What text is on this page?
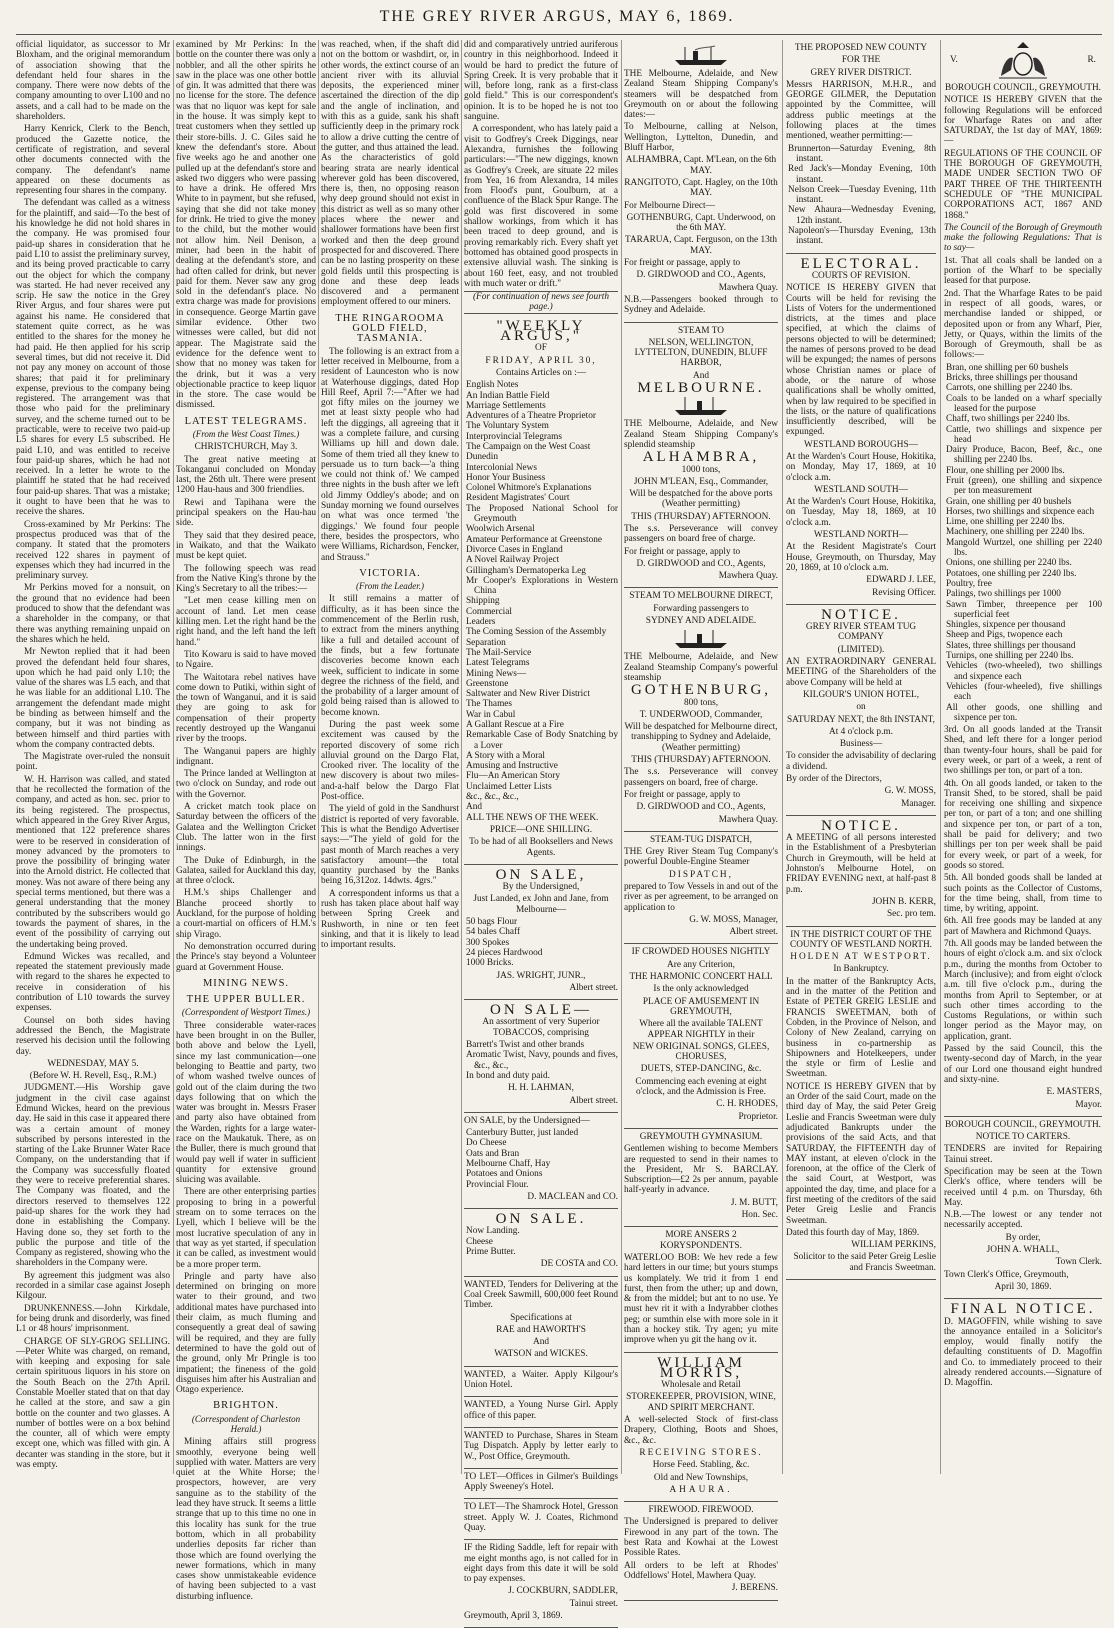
THE GREY RIVER ARGUS, MAY 6, 1869.

official liquidator, as successor to Mr Bloxham, and the original memorandum of association showing that the defendant held four shares in the company. There were now debts of the company amounting to over L100 and no assets, and a call had to be made on the shareholders.

Harry Kenrick, Clerk to the Bench, produced the Gazette notice, the certificate of registration, and several other documents connected with the company. The defendant's name appeared on these documents as representing four shares in the company.

The defendant was called as a witness for the plaintiff, and said—To the best of his knowledge he did not hold shares in the company. He was promised four paid-up shares in consideration that he paid L10 to assist the preliminary survey, and its being proved practicable to carry out the object for which the company was started. He had never received any scrip. He saw the notice in the Grey River Argus, and four shares were put against his name. He considered that statement quite correct, as he was entitled to the shares for the money he had paid. He then applied for his scrip several times, but did not receive it. Did not pay any money on account of those shares; that paid it for preliminary expense, previous to the company being registered. The arrangement was that those who paid for the preliminary survey, and the scheme turned out to be practicable, were to receive two paid-up L5 shares for every L5 subscribed. He paid L10, and was entitled to receive four paid-up shares, which he had not received. In a letter he wrote to the plaintiff he stated that he had received four paid-up shares. That was a mistake; it ought to have been that he was to receive the shares.

Cross-examined by Mr Perkins: The prospectus produced was that of the company. It stated that the promoters received 122 shares in payment of expenses which they had incurred in the preliminary survey.

Mr Perkins moved for a nonsuit, on the ground that no evidence had been produced to show that the defendant was a shareholder in the company, or that there was anything remaining unpaid on the shares which he held.

Mr Newton replied that it had been proved the defendant held four shares, upon which he had paid only L10; the value of the shares was L5 each, and that he was liable for an additional L10. The arrangement the defendant made might be binding as between himself and the company, but it was not binding as between himself and third parties with whom the company contracted debts.

The Magistrate over-ruled the nonsuit point.

W. H. Harrison was called, and stated that he recollected the formation of the company, and acted as hon. sec. prior to its being registered. The prospectus, which appeared in the Grey River Argus, mentioned that 122 preference shares were to be reserved in consideration of money advanced by the promoters to prove the possibility of bringing water into the Arnold district. He collected that money. Was not aware of there being any special terms mentioned, but there was a general understanding that the money contributed by the subscribers would go towards the payment of shares, in the event of the possibility of carrying out the undertaking being proved.

Edmund Wickes was recalled, and repeated the statement previously made with regard to the shares he expected to receive in consideration of his contribution of L10 towards the survey expenses.

Counsel on both sides having addressed the Bench, the Magistrate reserved his decision until the following day.

WEDNESDAY, MAY 5.

(Before W. H. Revell, Esq., R.M.)

JUDGMENT.—His Worship gave judgment in the civil case against Edmund Wickes, heard on the previous day. He said in this case it appeared there was a certain amount of money subscribed by persons interested in the starting of the Lake Brunner Water Race Company, on the understanding that if the Company was successfully floated they were to receive preferential shares. The Company was floated, and the directors reserved to themselves 122 paid-up shares for the work they had done in establishing the Company. Having done so, they set forth to the public the purpose and title of the Company as registered, showing who the shareholders in the Company were.

By agreement this judgment was also recorded in a similar case against Joseph Kilgour.

DRUNKENNESS.—John Kirkdale, for being drunk and disorderly, was fined L1 or 48 hours' imprisonment.

CHARGE OF SLY-GROG SELLING.—Peter White was charged, on remand, with keeping and exposing for sale certain spirituous liquors in his store on the South Beach on the 27th April. Constable Moeller stated that on that day he called at the store, and saw a gin bottle on the counter and two glasses. A number of bottles were on a box behind the counter, all of which were empty except one, which was filled with gin. A decanter was standing in the store, but it was empty.

examined by Mr Perkins: In the bottle on the counter there was only a nobbler, and all the other spirits he saw in the place was one other bottle of gin. It was admitted that there was no license for the store. The defence was that no liquor was kept for sale in the house. It was simply kept to treat customers when they settled up their store-bills. J. C. Giles said he knew the defendant's store. About five weeks ago he and another one pulled up at the defendant's store and asked two diggers who were passing to have a drink. He offered Mrs White to in payment, but she refused, saying that she did not take money for drink. He tried to give the money to the child, but the mother would not allow him. Neil Denison, a miner, had been in the habit of dealing at the defendant's store, and had often called for drink, but never paid for them. Never saw any grog sold in the defendant's place. No extra charge was made for provisions in consequence. George Martin gave similar evidence. Other two witnesses were called, but did not appear. The Magistrate said the evidence for the defence went to show that no money was taken for the drink, but it was a very objectionable practice to keep liquor in the store. The case would be dismissed.

LATEST TELEGRAMS.
(From the West Coast Times.)

CHRISTCHURCH, May 3.

The great native meeting at Tokanganui concluded on Monday last, the 26th ult. There were present 1200 Hau-haus and 300 friendlies.

Rewi and Tapihana were the principal speakers on the Hau-hau side.

They said that they desired peace, in Waikato, and that the Waikato must be kept quiet.

The following speech was read from the Native King's throne by the King's Secretary to all the tribes:—

"Let men cease killing men on account of land. Let men cease killing men. Let the right hand be the right hand, and the left hand the left hand."

Tito Kowaru is said to have moved to Ngaire.

The Waitotara rebel natives have come down to Putiki, within sight of the town of Wanganui, and it is said they are going to ask for compensation of their property recently destroyed up the Wanganui river by the troops.

The Wanganui papers are highly indignant.

The Prince landed at Wellington at two o'clock on Sunday, and rode out with the Governor.

A cricket match took place on Saturday between the officers of the Galatea and the Wellington Cricket Club. The latter won in the first innings.

The Duke of Edinburgh, in the Galatea, sailed for Auckland this day, at three o'clock.

H.M.'s ships Challenger and Blanche proceed shortly to Auckland, for the purpose of holding a court-martial on officers of H.M.'s ship Virago.

No demonstration occurred during the Prince's stay beyond a Volunteer guard at Government House.

MINING NEWS.
THE UPPER BULLER.
(Correspondent of Westport Times.)

Three considerable water-races have been brought in on the Buller, both above and below the Lyell, since my last communication—one belonging to Beattie and party, two of whom washed twelve ounces of gold out of the claim during the two days following that on which the water was brought in. Messrs Fraser and party also have obtained from the Warden, rights for a large water-race on the Maukatuk. There, as on the Buller, there is much ground that would pay well if water in sufficient quantity for extensive ground sluicing was available.

There are other enterprising parties proposing to bring in a powerful stream on to some terraces on the Lyell, which I believe will be the most lucrative speculation of any in that way as yet started, if speculation it can be called, as investment would be a more proper term.

Pringle and party have also determined on bringing on more water to their ground, and two additional mates have purchased into their claim, as much fluming and consequently a great deal of sawing will be required, and they are fully determined to have the gold out of the ground, only Mr Pringle is too impatient; the fineness of the gold disguises him after his Australian and Otago experience.

BRIGHTON.
(Correspondent of Charleston Herald.)

Mining affairs still progress smoothly, everyone being well supplied with water. Matters are very quiet at the White Horse; the prospectors, however, are very sanguine as to the stability of the lead they have struck. It seems a little strange that up to this time no one in this locality has sunk for the true bottom, which in all probability underlies deposits far richer than those which are found overlying the newer formations, which in many cases show unmistakeable evidence of having been subjected to a vast disturbing influence.

was reached, when, if the shaft did not on the bottom or washdirt, or, in other words, the extinct course of an ancient river with its alluvial deposits, the experienced miner ascertained the direction of the dip and the angle of inclination, and with this as a guide, sank his shaft sufficiently deep in the primary rock to allow a drive cutting the centre of the gutter, and thus attained the lead. As the characteristics of gold bearing strata are nearly identical wherever gold has been discovered, there is, then, no opposing reason why deep ground should not exist in this district as well as so many other places where the newer and shallower formations have been first worked and then the deep ground prospected for and discovered. There can be no lasting prosperity on these gold fields until this prospecting is done and these deep leads discovered and a permanent employment offered to our miners.

THE RINGAROOMA GOLD FIELD, TASMANIA.

The following is an extract from a letter received in Melbourne, from a resident of Launceston who is now at Waterhouse diggings, dated Hop Hill Reef, April 7:—"After we had got fifty miles on the journey we met at least sixty people who had left the diggings, all agreeing that it was a complete failure, and cursing Williams up hill and down dale. Some of them tried all they knew to persuade us to turn back—'a thing we could not think of.' We camped three nights in the bush after we left old Jimmy Oddley's abode; and on Sunday morning we found ourselves on what was once termed 'the diggings.' We found four people there, besides the prospectors, who were Williams, Richardson, Fencker, and Strauss."

VICTORIA.
(From the Leader.)

It still remains a matter of difficulty, as it has been since the commencement of the Berlin rush, to extract from the miners anything like a full and detailed account of the finds, but a few fortunate discoveries become known each week, sufficient to indicate in some degree the richness of the field, and the probability of a larger amount of gold being raised than is allowed to become known.

During the past week some excitement was caused by the reported discovery of some rich alluvial ground on the Dargo Flat, Crooked river. The locality of the new discovery is about two miles-and-a-half below the Dargo Flat Post-office.

The yield of gold in the Sandhurst district is reported of very favorable. This is what the Bendigo Advertiser says:—"The yield of gold for the past month of March reaches a very satisfactory amount—the total quantity purchased by the Banks being 16,312oz. 14dwts. 4grs."

A correspondent informs us that a rush has taken place about half way between Spring Creek and Rushworth, in nine or ten feet sinking, and that it is likely to lead to important results.

did and comparatively untried auriferous country in this neighborhood. Indeed it would be hard to predict the future of Spring Creek. It is very probable that it will, before long, rank as a first-class gold field." This is our correspondent's opinion. It is to be hoped he is not too sanguine.

A correspondent, who has lately paid a visit to Godfrey's Creek Diggings, near Alexandra, furnishes the following particulars:—"The new diggings, known as Godfrey's Creek, are situate 22 miles from Yea, 16 from Alexandra, 14 miles from Flood's punt, Goulburn, at a confluence of the Black Spur Range. The gold was first discovered in some shallow workings, from which it has been traced to deep ground, and is proving remarkably rich. Every shaft yet bottomed has obtained good prospects in extensive alluvial wash. The sinking is about 160 feet, easy, and not troubled with much water or drift."

(For continuation of news see fourth page.)

"WEEKLY ARGUS,"

OF

FRIDAY, APRIL 30,

Contains Articles on :—

English Notes
An Indian Battle Field
Marriage Settlements
Adventures of a Theatre Proprietor
The Voluntary System
Interprovincial Telegrams
The Campaign on the West Coast
Dunedin
Intercolonial News
Honor Your Business
Colonel Whitmore's Explanations
Resident Magistrates' Court
The Proposed National School for Greymouth
Woolwich Arsenal
Amateur Performance at Greenstone
Divorce Cases in England
A Novel Railway Project
Gillingham's Dermatoperka Leg
Mr Cooper's Explorations in Western China
Shipping
Commercial
Leaders
The Coming Session of the Assembly
Separation
The Mail-Service
Latest Telegrams
Mining News—
Greenstone
Saltwater and New River District
The Thames
War in Cabul
A Gallant Rescue at a Fire
Remarkable Case of Body Snatching by a Lover
A Story with a Moral
Amusing and Instructive
Flu—An American Story
Unclaimed Letter Lists
&c., &c., &c.,
And
ALL THE NEWS OF THE WEEK.

PRICE—ONE SHILLING.

To be had of all Booksellers and News Agents.

ON SALE,

By the Undersigned,

Just Landed, ex John and Jane, from Melbourne—

50 bags Flour
54 bales Chaff
300 Spokes
24 pieces Hardwood
1000 Bricks.

JAS. WRIGHT, JUNR.,

Albert street.

ON SALE—

An assortment of very Superior TOBACCOS, comprising

Barrett's Twist and other brands
Aromatic Twist, Navy, pounds and fives, &c., &c.,
In bond and duty paid.

H. H. LAHMAN,

Albert street.

ON SALE, by the Undersigned—

Canterbury Butter, just landed
Do Cheese
Oats and Bran
Melbourne Chaff, Hay
Potatoes and Onions
Provincial Flour.

D. MACLEAN and CO.

ON SALE.
Now Landing.
Cheese
Prime Butter.

DE COSTA and CO.

WANTED, Tenders for Delivering at the Coal Creek Sawmill, 600,000 feet Round Timber.

Specifications at

RAE and HAWORTH'S

And

WATSON and WICKES.

WANTED, a Waiter. Apply Kilgour's Union Hotel.

WANTED, a Young Nurse Girl. Apply office of this paper.

WANTED to Purchase, Shares in Steam Tug Dispatch. Apply by letter early to W., Post Office, Greymouth.

TO LET—Offices in Gilmer's Buildings Apply Sweeney's Hotel.

TO LET—The Shamrock Hotel, Gresson street. Apply W. J. Coates, Richmond Quay.

IF the Riding Saddle, left for repair with me eight months ago, is not called for in eight days from this date it will be sold to pay expenses.

J. COCKBURN, SADDLER,

Tainui street.

Greymouth, April 3, 1869.

THE Melbourne, Adelaide, and New Zealand Steam Shipping Company's steamers will be despatched from Greymouth on or about the following dates:—

To Melbourne, calling at Nelson, Wellington, Lyttelton, Dunedin, and Bluff Harbor,

ALHAMBRA, Capt. M'Lean, on the 6th MAY.

RANGITOTO, Capt. Hagley, on the 10th MAY.

For Melbourne Direct—

GOTHENBURG, Capt. Underwood, on the 6th MAY.

TARARUA, Capt. Ferguson, on the 13th MAY.

For freight or passage, apply to

D. GIRDWOOD and CO., Agents,

Mawhera Quay.

N.B.—Passengers booked through to Sydney and Adelaide.

STEAM TO

NELSON, WELLINGTON, LYTTELTON, DUNEDIN, BLUFF HARBOR,

And

MELBOURNE.

THE Melbourne, Adelaide, and New Zealand Steam Shipping Company's splendid steamship

ALHAMBRA,

1000 tons,

JOHN M'LEAN, Esq., Commander,

Will be despatched for the above ports (Weather permitting)

THIS (THURSDAY) AFTERNOON.

The s.s. Perseverance will convey passengers on board free of charge.

For freight or passage, apply to

D. GIRDWOOD and CO., Agents,

Mawhera Quay.

STEAM TO MELBOURNE DIRECT,

Forwarding passengers to

SYDNEY AND ADELAIDE.

THE Melbourne, Adelaide, and New Zealand Steamship Company's powerful steamship

GOTHENBURG,

800 tons,

T. UNDERWOOD, Commander,

Will be despatched for Melbourne direct, transhipping to Sydney and Adelaide, (Weather permitting)

THIS (THURSDAY) AFTERNOON.

The s.s. Perseverance will convey passengers on board, free of charge.

For freight or passage, apply to

D. GIRDWOOD and CO., Agents,

Mawhera Quay.

STEAM-TUG DISPATCH,

THE Grey River Steam Tug Company's powerful Double-Engine Steamer

DISPATCH,

prepared to Tow Vessels in and out of the river as per agreement, to be arranged on application to

G. W. MOSS, Manager,

Albert street.

IF CROWDED HOUSES NIGHTLY

Are any Criterion,

THE HARMONIC CONCERT HALL

Is the only acknowledged

PLACE OF AMUSEMENT IN GREYMOUTH,

Where all the available TALENT APPEAR NIGHTLY in their

NEW ORIGINAL SONGS, GLEES, CHORUSES,

DUETS, STEP-DANCING, &c.

Commencing each evening at eight o'clock, and the Admission is Free.

C. H. RHODES,

Proprietor.

GREYMOUTH GYMNASIUM.

Gentlemen wishing to become Members are requested to send in their names to the President, Mr S. BARCLAY. Subscription—£2 2s per annum, payable half-yearly in advance.

J. M. BUTT,

Hon. Sec.

MORE ANSERS 2 KORYSPONDENTS.

WATERLOO BOB: We hev rede a few hard letters in our time; but yours stumps us komplately. We trid it from 1 end furst, then from the uther; up and down, & from the middel; but ant to no use. Ye must hev rit it with a Indyrabber clothes peg; or sumthin else with more sole in it than a hockey stik. Try agen; yu mite improve when yu git the hang ov it.

WILLIAM MORRIS,

Wholesale and Retail

STOREKEEPER, PROVISION, WINE, AND SPIRIT MERCHANT.

A well-selected Stock of first-class Drapery, Clothing, Boots and Shoes, &c., &c.

RECEIVING STORES.

Horse Feed. Stabling, &c.

Old and New Townships,

AHAURA.

FIREWOOD. FIREWOOD.

The Undersigned is prepared to deliver Firewood in any part of the town. The best Rata and Kowhai at the Lowest Possible Rates.

All orders to be left at Rhodes' Oddfellows' Hotel, Mawhera Quay.

J. BERENS.

THE PROPOSED NEW COUNTY

FOR THE

GREY RIVER DISTRICT.

Messrs HARRISON, M.H.R., and GEORGE GILMER, the Deputation appointed by the Committee, will address public meetings at the following places at the times mentioned, weather permitting:—

Brunnerton—Saturday Evening, 8th instant.
Red Jack's—Monday Evening, 10th instant.
Nelson Creek—Tuesday Evening, 11th instant.
New Ahaura—Wednesday Evening, 12th instant.
Napoleon's—Thursday Evening, 13th instant.
ELECTORAL.

COURTS OF REVISION.

NOTICE IS HEREBY GIVEN that Courts will be held for revising the Lists of Voters for the undermentioned districts, at the times and place specified, at which the claims of persons objected to will be determined; the names of persons proved to be dead will be expunged; the names of persons whose Christian names or place of abode, or the nature of whose qualifications shall be wholly omitted, when by law required to be specified in the lists, or the nature of qualifications insufficiently described, will be expunged.

WESTLAND BOROUGHS—

At the Warden's Court House, Hokitika, on Monday, May 17, 1869, at 10 o'clock a.m.

WESTLAND SOUTH—

At the Warden's Court House, Hokitika, on Tuesday, May 18, 1869, at 10 o'clock a.m.

WESTLAND NORTH—

At the Resident Magistrate's Court House, Greymouth, on Thursday, May 20, 1869, at 10 o'clock a.m.

EDWARD J. LEE,

Revising Officer.

NOTICE.

GREY RIVER STEAM TUG COMPANY

(LIMITED).

AN EXTRAORDINARY GENERAL MEETING of the Shareholders of the above Company will be held at

KILGOUR'S UNION HOTEL,

on

SATURDAY NEXT, the 8th INSTANT,

At 4 o'clock p.m.

Business—

To consider the advisability of declaring a dividend.

By order of the Directors,

G. W. MOSS,

Manager.

NOTICE.

A MEETING of all persons interested in the Establishment of a Presbyterian Church in Greymouth, will be held at Johnston's Melbourne Hotel, on FRIDAY EVENING next, at half-past 8 p.m.

JOHN B. KERR,

Sec. pro tem.

IN THE DISTRICT COURT OF THE COUNTY OF WESTLAND NORTH.

HOLDEN AT WESTPORT.

In Bankruptcy.

In the matter of the Bankruptcy Acts, and in the matter of the Petition and Estate of PETER GREIG LESLIE and FRANCIS SWEETMAN, both of Cobden, in the Province of Nelson, and Colony of New Zealand, carrying on business in co-partnership as Shipowners and Hotelkeepers, under the style or firm of Leslie and Sweetman.

NOTICE IS HEREBY GIVEN that by an Order of the said Court, made on the third day of May, the said Peter Greig Leslie and Francis Sweetman were duly adjudicated Bankrupts under the provisions of the said Acts, and that SATURDAY, the FIFTEENTH day of MAY instant, at eleven o'clock in the forenoon, at the office of the Clerk of the said Court, at Westport, was appointed the day, time, and place for a first meeting of the creditors of the said Peter Greig Leslie and Francis Sweetman.

Dated this fourth day of May, 1869.

WILLIAM PERKINS,

Solicitor to the said Peter Greig Leslie and Francis Sweetman.

V.	R.

BOROUGH COUNCIL, GREYMOUTH.

NOTICE IS HEREBY GIVEN that the following Regulations will be enforced for Wharfage Rates on and after SATURDAY, the 1st day of MAY, 1869:—

REGULATIONS OF THE COUNCIL OF THE BOROUGH OF GREYMOUTH, MADE UNDER SECTION TWO OF PART THREE OF THE THIRTEENTH SCHEDULE OF "THE MUNICIPAL CORPORATIONS ACT, 1867 AND 1868."

The Council of the Borough of Greymouth make the following Regulations: That is to say—

1st. That all coals shall be landed on a portion of the Wharf to be specially leased for that purpose.

2nd. That the Wharfage Rates to be paid in respect of all goods, wares, or merchandise landed or shipped, or deposited upon or from any Wharf, Pier, Jetty, or Quays, within the limits of the Borough of Greymouth, shall be as follows:—

Bran, one shilling per 60 bushels
Bricks, three shillings per thousand
Carrots, one shilling per 2240 lbs.
Coals to be landed on a wharf specially leased for the purpose
Chaff, two shillings per 2240 lbs.
Cattle, two shillings and sixpence per head
Dairy Produce, Bacon, Beef, &c., one shilling per 2240 lbs.
Flour, one shilling per 2000 lbs.
Fruit (green), one shilling and sixpence per ton measurement
Grain, one shilling per 40 bushels
Horses, two shillings and sixpence each
Lime, one shilling per 2240 lbs.
Machinery, one shilling per 2240 lbs.
Mangold Wurtzel, one shilling per 2240 lbs.
Onions, one shilling per 2240 lbs.
Potatoes, one shilling per 2240 lbs.
Poultry, free
Palings, two shillings per 1000
Sawn Timber, threepence per 100 superficial feet
Shingles, sixpence per thousand
Sheep and Pigs, twopence each
Slates, three shillings per thousand
Turnips, one shilling per 2240 lbs.
Vehicles (two-wheeled), two shillings and sixpence each
Vehicles (four-wheeled), five shillings each
All other goods, one shilling and sixpence per ton.

3rd. On all goods landed at the Transit Shed, and left there for a longer period than twenty-four hours, shall be paid for every week, or part of a week, a rent of two shillings per ton, or part of a ton.

4th. On all goods landed, or taken to the Transit Shed, to be stored, shall be paid for receiving one shilling and sixpence per ton, or part of a ton; and one shilling and sixpence per ton, or part of a ton, shall be paid for delivery; and two shillings per ton per week shall be paid for every week, or part of a week, for goods so stored.

5th. All bonded goods shall be landed at such points as the Collector of Customs, for the time being, shall, from time to time, by writing, appoint.

6th. All free goods may be landed at any part of Mawhera and Richmond Quays.

7th. All goods may be landed between the hours of eight o'clock a.m. and six o'clock p.m., during the months from October to March (inclusive); and from eight o'clock a.m. till five o'clock p.m., during the months from April to September, or at such other times according to the Customs Regulations, or within such longer period as the Mayor may, on application, grant.

Passed by the said Council, this the twenty-second day of March, in the year of our Lord one thousand eight hundred and sixty-nine.

E. MASTERS,

Mayor.

BOROUGH COUNCIL, GREYMOUTH.

NOTICE TO CARTERS.

TENDERS are invited for Repairing Tainui street.

Specification may be seen at the Town Clerk's office, where tenders will be received until 4 p.m. on Thursday, 6th May.

N.B.—The lowest or any tender not necessarily accepted.

By order,

JOHN A. WHALL,

Town Clerk.

Town Clerk's Office, Greymouth,

April 30, 1869.

FINAL NOTICE.

D. MAGOFFIN, while wishing to save the annoyance entailed in a Solicitor's employ, would finally notify the defaulting constituents of D. Magoffin and Co. to immediately proceed to their already rendered accounts.—Signature of D. Magoffin.
